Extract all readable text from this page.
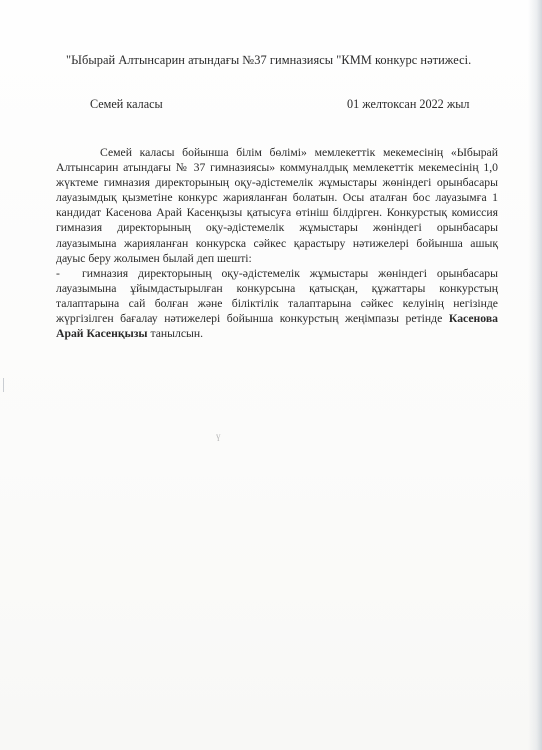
"Ыбырай Алтынсарин атындағы №37 гимназиясы "КММ конкурс нәтижесі.
Семей каласы	01 желтоксан 2022 жыл

Семей каласы бойынша білім бөлімі» мемлекеттік мекемесінің «Ыбырай Алтынсарин атындағы № 37 гимназиясы» коммуналдық мемлекеттік мекемесінің 1,0 жүктеме гимназия директорының оқу-әдістемелік жұмыстары жөніндегі орынбасары лауазымдық қызметіне конкурс жарияланған болатын. Осы аталған бос лауазымға 1 кандидат Касенова Арай Касенқызы қатысуға өтініш білдірген. Конкурстық комиссия гимназия директорының оқу-әдістемелік жұмыстары жөніндегі орынбасары лауазымына жарияланған конкурска сәйкес қарастыру нәтижелері бойынша ашық дауыс беру жолымен былай деп шешті:

- гимназия директорының оқу-әдістемелік жұмыстары жөніндегі орынбасары лауазымына ұйымдастырылған конкурсына қатысқан, құжаттары конкурстың талаптарына сай болған және біліктілік талаптарына сәйкес келуінің негізінде жүргізілген бағалау нәтижелері бойынша конкурстың жеңімпазы ретінде Касенова Арай Касенқызы танылсын.

ү
